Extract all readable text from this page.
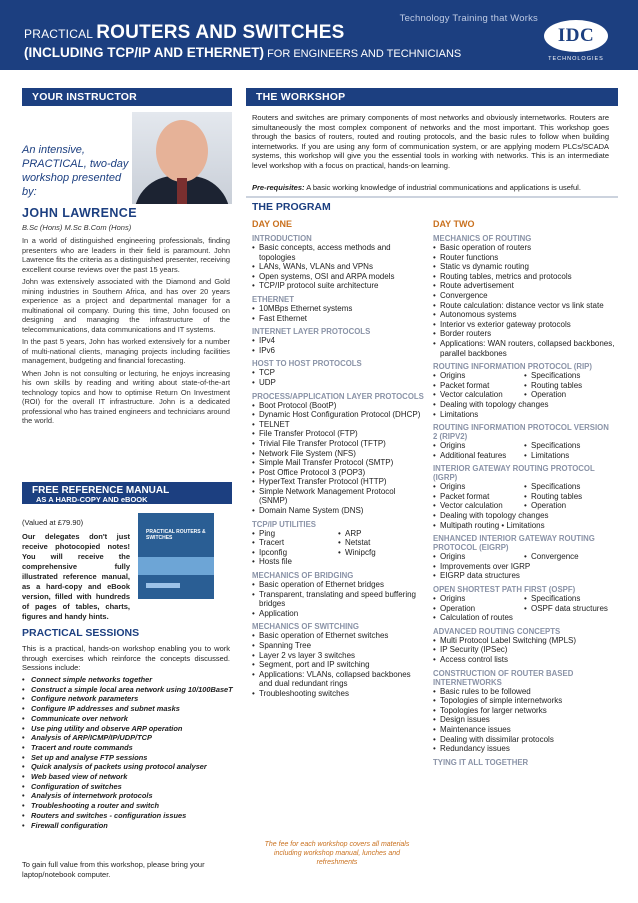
Technology Training that Works
PRACTICAL ROUTERS AND SWITCHES
(INCLUDING TCP/IP AND ETHERNET) FOR ENGINEERS AND TECHNICIANS
IDC
TECHNOLOGIES
YOUR INSTRUCTOR	THE WORKSHOP
An intensive, PRACTICAL, two-day workshop presented by:
JOHN LAWRENCE
B.Sc (Hons) M.Sc B.Com (Hons)

In a world of distinguished engineering professionals, finding presenters who are leaders in their field is paramount. John Lawrence fits the criteria as a distinguished presenter, receiving excellent course reviews over the past 15 years.

John was extensively associated with the Diamond and Gold mining industries in Southern Africa, and has over 20 years experience as a project and departmental manager for a multinational oil company. During this time, John focused on designing and managing the infrastructure of the telecommunications, data communications and IT systems.

In the past 5 years, John has worked extensively for a number of multi-national clients, managing projects including facilities management, budgeting and financial forecasting.

When John is not consulting or lecturing, he enjoys increasing his own skills by reading and writing about state-of-the-art technology topics and how to optimise Return On Investment (ROI) for the overall IT infrastructure. John is a dedicated professional who has trained engineers and technicians around the world.

FREE REFERENCE MANUAL
AS A HARD-COPY AND eBOOK
(Valued at £79.90)
Our delegates don't just receive photocopied notes! You will receive the comprehensive fully illustrated reference manual, as a hard-copy and eBook version, filled with hundreds of pages of tables, charts, figures and handy hints.
PRACTICAL ROUTERS & SWITCHES
PRACTICAL SESSIONS
This is a practical, hands-on workshop enabling you to work through exercises which reinforce the concepts discussed. Sessions include:
• Connect simple networks together
• Construct a simple local area network using 10/100BaseT
• Configure network parameters
• Configure IP addresses and subnet masks
• Communicate over network
• Use ping utility and observe ARP operation
• Analysis of ARP/ICMP/IP/UDP/TCP
• Tracert and route commands
• Set up and analyse FTP sessions
• Quick analysis of packets using protocol analyser
• Web based view of network
• Configuration of switches
• Analysis of internetwork protocols
• Troubleshooting a router and switch
• Routers and switches - configuration issues
• Firewall configuration
To gain full value from this workshop, please bring your laptop/notebook computer.
Routers and switches are primary components of most networks and obviously internetworks. Routers are simultaneously the most complex component of networks and the most important. This workshop goes through the basics of routers, routed and routing protocols, and the basic rules to follow when building internetworks. If you are using any form of communication system, or are applying modern PLCs/SCADA systems, this workshop will give you the essential tools in working with networks. This is an intermediate level workshop with a focus on practical, hands-on learning.
Pre-requisites: A basic working knowledge of industrial communications and applications is useful.
THE PROGRAM
DAY ONE
INTRODUCTION
• Basic concepts, access methods and topologies
• LANs, WANs, VLANs and VPNs
• Open systems, OSI and ARPA models
• TCP/IP protocol suite architecture
ETHERNET
• 10MBps Ethernet systems
• Fast Ethernet
INTERNET LAYER PROTOCOLS
• IPv4
• IPv6
HOST TO HOST PROTOCOLS
• TCP
• UDP
PROCESS/APPLICATION LAYER PROTOCOLS
• Boot Protocol (BootP)
• Dynamic Host Configuration Protocol (DHCP)
• TELNET
• File Transfer Protocol (FTP)
• Trivial File Transfer Protocol (TFTP)
• Network File System (NFS)
• Simple Mail Transfer Protocol (SMTP)
• Post Office Protocol 3 (POP3)
• HyperText Transfer Protocol (HTTP)
• Simple Network Management Protocol (SNMP)
• Domain Name System (DNS)
TCP/IP UTILITIES
• Ping	• ARP
• Tracert	• Netstat
• Ipconfig	• Winipcfg
• Hosts file
MECHANICS OF BRIDGING
• Basic operation of Ethernet bridges
• Transparent, translating and speed buffering bridges
• Application
MECHANICS OF SWITCHING
• Basic operation of Ethernet switches
• Spanning Tree
• Layer 2 vs layer 3 switches
• Segment, port and IP switching
• Applications: VLANs, collapsed backbones and dual redundant rings
• Troubleshooting switches
The fee for each workshop covers all materials including workshop manual, lunches and refreshments
DAY TWO
MECHANICS OF ROUTING
• Basic operation of routers
• Router functions
• Static vs dynamic routing
• Routing tables, metrics and protocols
• Route advertisement
• Convergence
• Route calculation: distance vector vs link state
• Autonomous systems
• Interior vs exterior gateway protocols
• Border routers
• Applications: WAN routers, collapsed backbones, parallel backbones
ROUTING INFORMATION PROTOCOL (RIP)
• Origins	• Specifications
• Packet format	• Routing tables
• Vector calculation	• Operation
• Dealing with topology changes
• Limitations
ROUTING INFORMATION PROTOCOL VERSION 2 (RIPV2)
• Origins	• Specifications
• Additional features	• Limitations
INTERIOR GATEWAY ROUTING PROTOCOL (IGRP)
• Origins	• Specifications
• Packet format	• Routing tables
• Vector calculation	• Operation
• Dealing with topology changes
• Multipath routing • Limitations
ENHANCED INTERIOR GATEWAY ROUTING PROTOCOL (EIGRP)
• Origins	• Convergence
• Improvements over IGRP
• EIGRP data structures
OPEN SHORTEST PATH FIRST (OSPF)
• Origins	• Specifications
• Operation	• OSPF data structures
• Calculation of routes
ADVANCED ROUTING CONCEPTS
• Multi Protocol Label Switching (MPLS)
• IP Security (IPSec)
• Access control lists
CONSTRUCTION OF ROUTER BASED INTERNETWORKS
• Basic rules to be followed
• Topologies of simple internetworks
• Topologies for larger networks
• Design issues
• Maintenance issues
• Dealing with dissimilar protocols
• Redundancy issues
TYING IT ALL TOGETHER
